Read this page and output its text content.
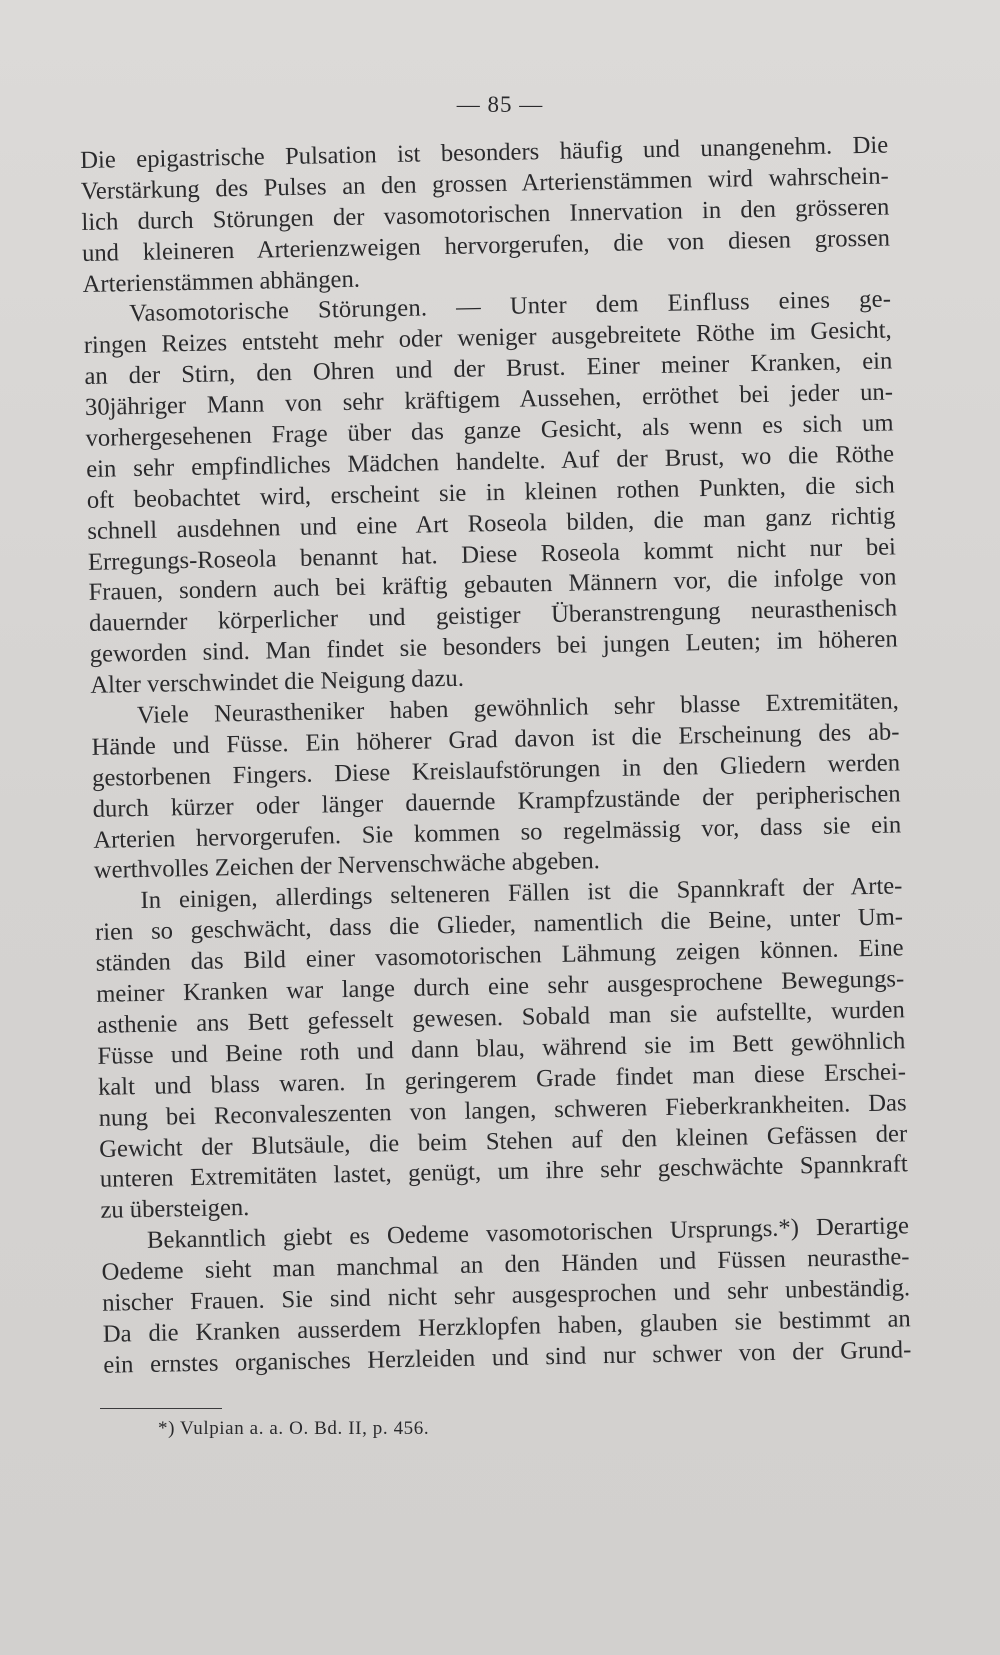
— 85 —
Die epigastrische Pulsation ist besonders häufig und unangenehm. Die
Verstärkung des Pulses an den grossen Arterienstämmen wird wahrschein-
lich durch Störungen der vasomotorischen Innervation in den grösseren
und kleineren Arterienzweigen hervorgerufen, die von diesen grossen
Arterienstämmen abhängen.
Vasomotorische Störungen. — Unter dem Einfluss eines ge-
ringen Reizes entsteht mehr oder weniger ausgebreitete Röthe im Gesicht,
an der Stirn, den Ohren und der Brust. Einer meiner Kranken, ein
30jähriger Mann von sehr kräftigem Aussehen, erröthet bei jeder un-
vorhergesehenen Frage über das ganze Gesicht, als wenn es sich um
ein sehr empfindliches Mädchen handelte. Auf der Brust, wo die Röthe
oft beobachtet wird, erscheint sie in kleinen rothen Punkten, die sich
schnell ausdehnen und eine Art Roseola bilden, die man ganz richtig
Erregungs-Roseola benannt hat. Diese Roseola kommt nicht nur bei
Frauen, sondern auch bei kräftig gebauten Männern vor, die infolge von
dauernder körperlicher und geistiger Überanstrengung neurasthenisch
geworden sind. Man findet sie besonders bei jungen Leuten; im höheren
Alter verschwindet die Neigung dazu.
Viele Neurastheniker haben gewöhnlich sehr blasse Extremitäten,
Hände und Füsse. Ein höherer Grad davon ist die Erscheinung des ab-
gestorbenen Fingers. Diese Kreislaufstörungen in den Gliedern werden
durch kürzer oder länger dauernde Krampfzustände der peripherischen
Arterien hervorgerufen. Sie kommen so regelmässig vor, dass sie ein
werthvolles Zeichen der Nervenschwäche abgeben.
In einigen, allerdings selteneren Fällen ist die Spannkraft der Arte-
rien so geschwächt, dass die Glieder, namentlich die Beine, unter Um-
ständen das Bild einer vasomotorischen Lähmung zeigen können. Eine
meiner Kranken war lange durch eine sehr ausgesprochene Bewegungs-
asthenie ans Bett gefesselt gewesen. Sobald man sie aufstellte, wurden
Füsse und Beine roth und dann blau, während sie im Bett gewöhnlich
kalt und blass waren. In geringerem Grade findet man diese Erschei-
nung bei Reconvaleszenten von langen, schweren Fieberkrankheiten. Das
Gewicht der Blutsäule, die beim Stehen auf den kleinen Gefässen der
unteren Extremitäten lastet, genügt, um ihre sehr geschwächte Spannkraft
zu übersteigen.
Bekanntlich giebt es Oedeme vasomotorischen Ursprungs.*) Derartige
Oedeme sieht man manchmal an den Händen und Füssen neurasthe-
nischer Frauen. Sie sind nicht sehr ausgesprochen und sehr unbeständig.
Da die Kranken ausserdem Herzklopfen haben, glauben sie bestimmt an
ein ernstes organisches Herzleiden und sind nur schwer von der Grund-
*) Vulpian a. a. O. Bd. II, p. 456.
